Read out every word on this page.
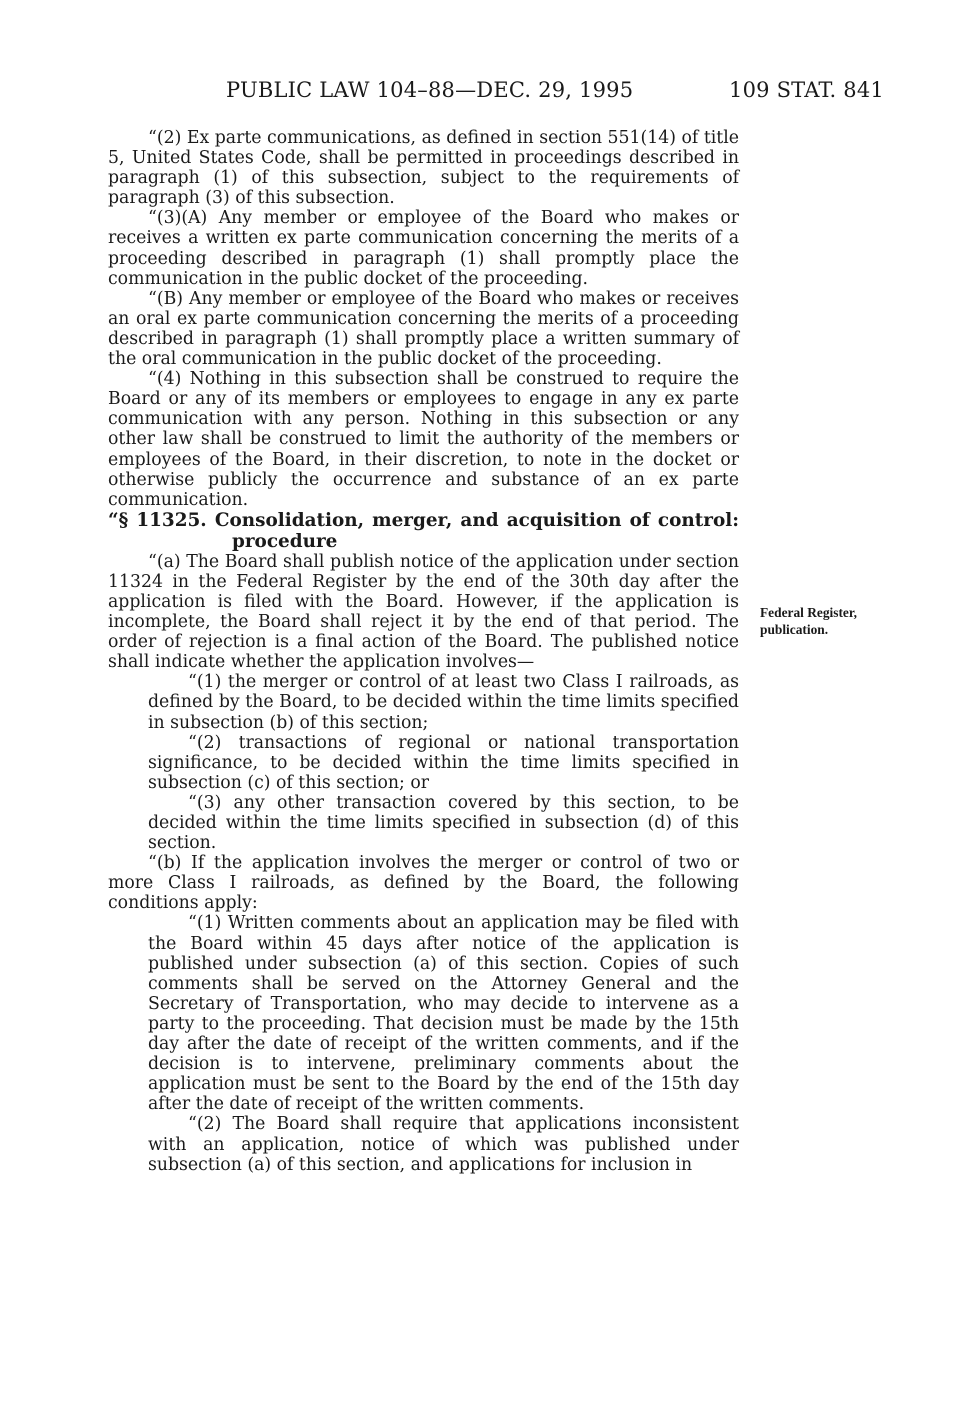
PUBLIC LAW 104–88—DEC. 29, 1995	109 STAT. 841

“(2) Ex parte communications, as defined in section 551(14) of title 5, United States Code, shall be permitted in proceedings described in paragraph (1) of this subsection, subject to the requirements of paragraph (3) of this subsection.

“(3)(A) Any member or employee of the Board who makes or receives a written ex parte communication concerning the merits of a proceeding described in paragraph (1) shall promptly place the communication in the public docket of the proceeding.

“(B) Any member or employee of the Board who makes or receives an oral ex parte communication concerning the merits of a proceeding described in paragraph (1) shall promptly place a written summary of the oral communication in the public docket of the proceeding.

“(4) Nothing in this subsection shall be construed to require the Board or any of its members or employees to engage in any ex parte communication with any person. Nothing in this subsection or any other law shall be construed to limit the authority of the members or employees of the Board, in their discretion, to note in the docket or otherwise publicly the occurrence and substance of an ex parte communication.

“§ 11325. Consolidation, merger, and acquisition of control: procedure

“(a) The Board shall publish notice of the application under section 11324 in the Federal Register by the end of the 30th day after the application is filed with the Board. However, if the application is incomplete, the Board shall reject it by the end of that period. The order of rejection is a final action of the Board. The published notice shall indicate whether the application involves—

“(1) the merger or control of at least two Class I railroads, as defined by the Board, to be decided within the time limits specified in subsection (b) of this section;

“(2) transactions of regional or national transportation significance, to be decided within the time limits specified in subsection (c) of this section; or

“(3) any other transaction covered by this section, to be decided within the time limits specified in subsection (d) of this section.

“(b) If the application involves the merger or control of two or more Class I railroads, as defined by the Board, the following conditions apply:

“(1) Written comments about an application may be filed with the Board within 45 days after notice of the application is published under subsection (a) of this section. Copies of such comments shall be served on the Attorney General and the Secretary of Transportation, who may decide to intervene as a party to the proceeding. That decision must be made by the 15th day after the date of receipt of the written comments, and if the decision is to intervene, preliminary comments about the application must be sent to the Board by the end of the 15th day after the date of receipt of the written comments.

“(2) The Board shall require that applications inconsistent with an application, notice of which was published under subsection (a) of this section, and applications for inclusion in

Federal Register,
publication.
